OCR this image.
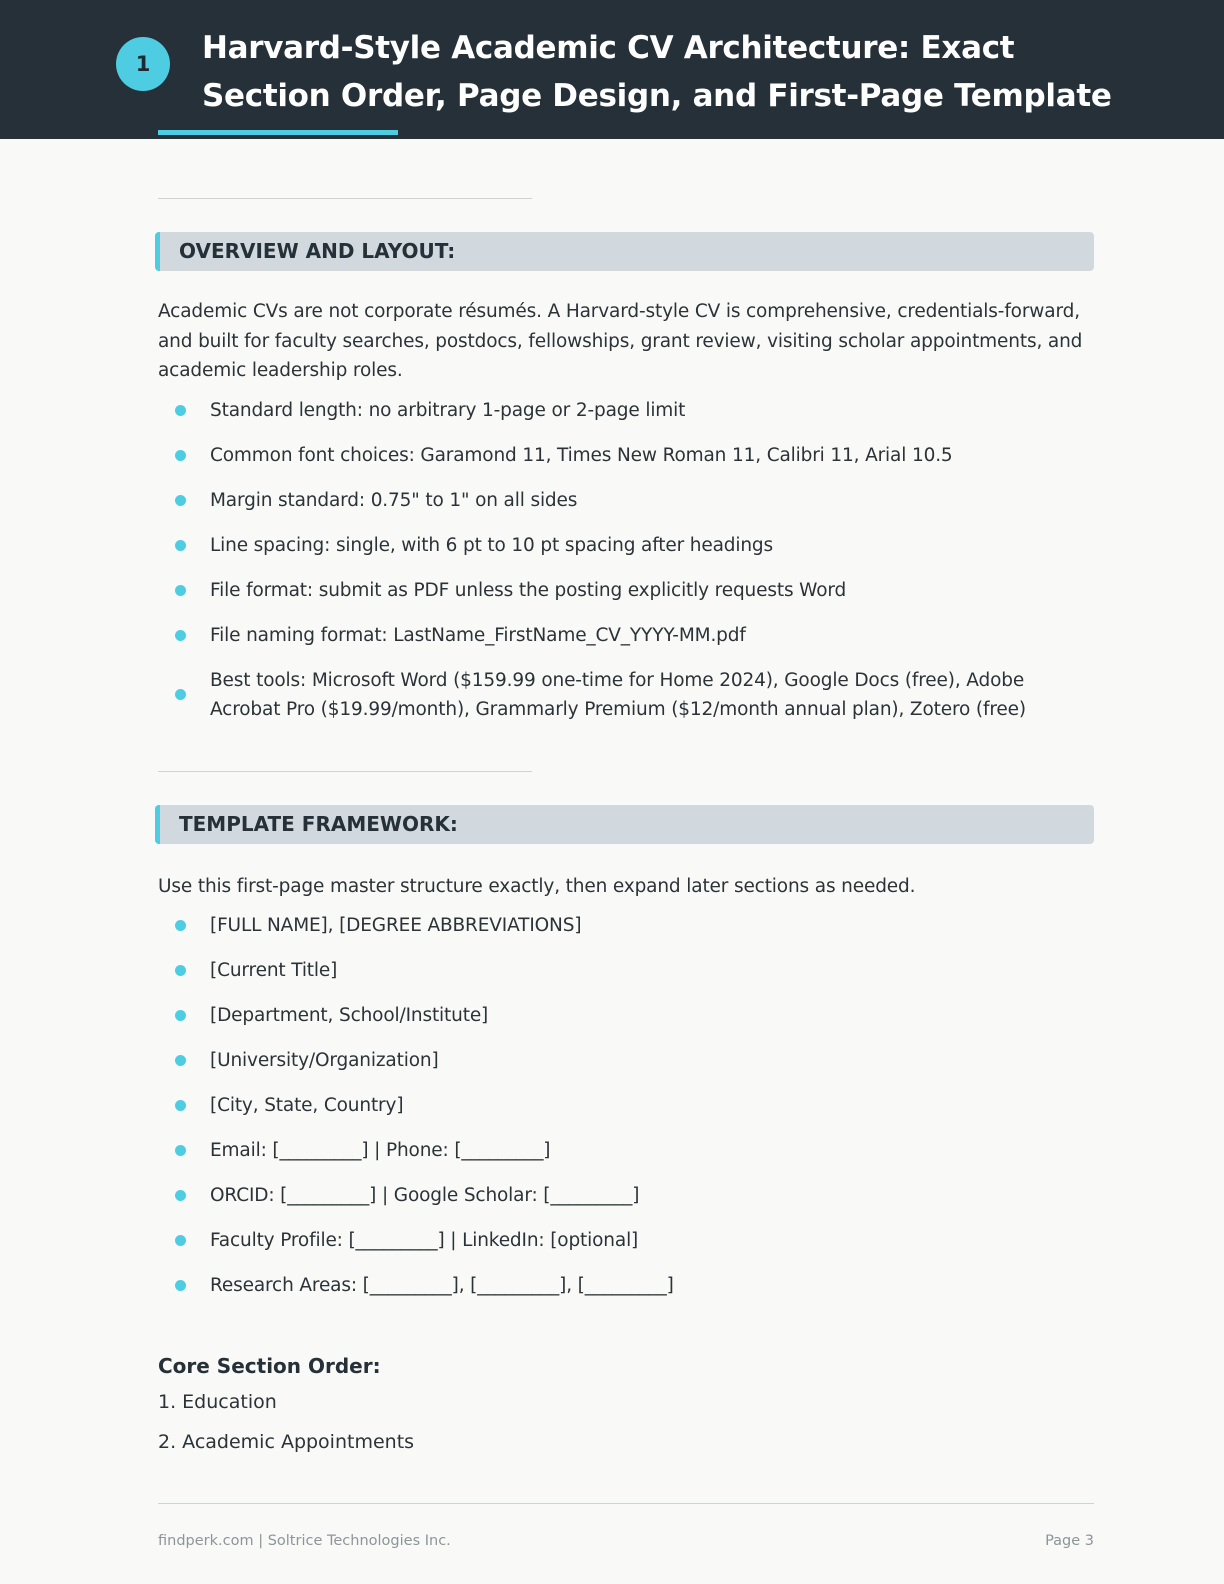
1	Harvard-Style Academic CV Architecture: Exact Section Order, Page Design, and First-Page Template
OVERVIEW AND LAYOUT:

Academic CVs are not corporate résumés. A Harvard-style CV is comprehensive, credentials-forward, and built for faculty searches, postdocs, fellowships, grant review, visiting scholar appointments, and academic leadership roles.

Standard length: no arbitrary 1-page or 2-page limit
Common font choices: Garamond 11, Times New Roman 11, Calibri 11, Arial 10.5
Margin standard: 0.75" to 1" on all sides
Line spacing: single, with 6 pt to 10 pt spacing after headings
File format: submit as PDF unless the posting explicitly requests Word
File naming format: LastName_FirstName_CV_YYYY-MM.pdf
Best tools: Microsoft Word ($159.99 one-time for Home 2024), Google Docs (free), Adobe Acrobat Pro ($19.99/month), Grammarly Premium ($12/month annual plan), Zotero (free)
TEMPLATE FRAMEWORK:

Use this first-page master structure exactly, then expand later sections as needed.

[FULL NAME], [DEGREE ABBREVIATIONS]
[Current Title]
[Department, School/Institute]
[University/Organization]
[City, State, Country]
Email: [_________] | Phone: [_________]
ORCID: [_________] | Google Scholar: [_________]
Faculty Profile: [_________] | LinkedIn: [optional]
Research Areas: [_________], [_________], [_________]
Core Section Order:
1. Education
2. Academic Appointments
findperk.com | Soltrice Technologies Inc.	Page 3
